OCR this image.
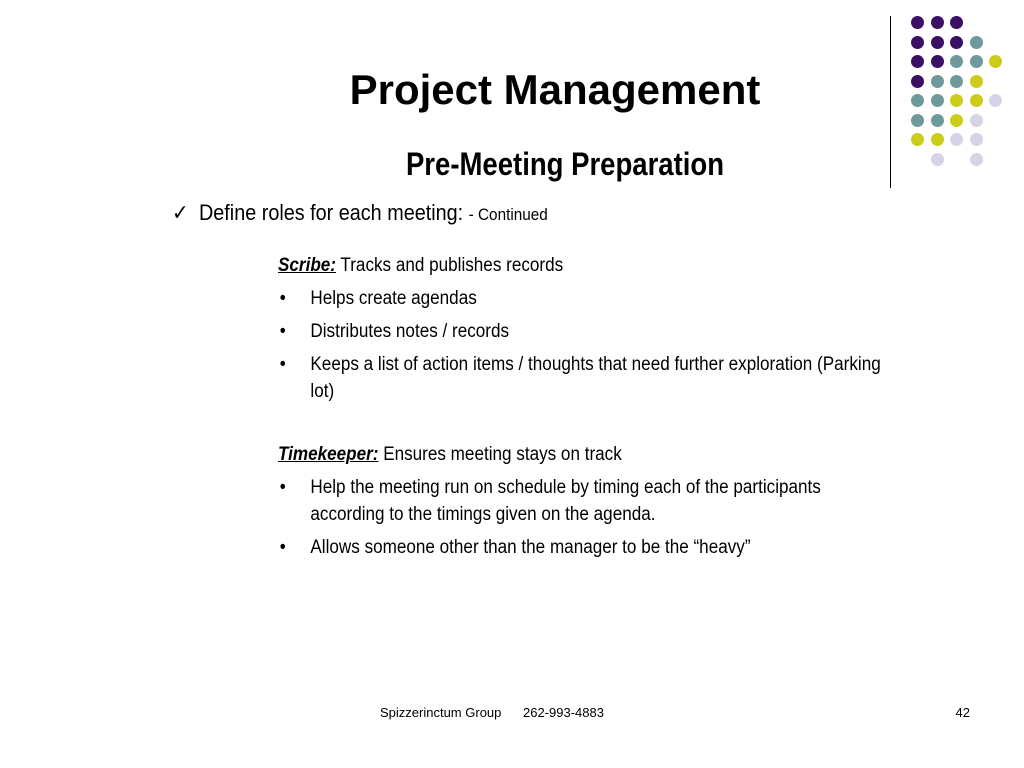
Project Management
Pre-Meeting Preparation
✓ Define roles for each meeting: - Continued
Scribe: Tracks and publishes records
• Helps create agendas
• Distributes notes / records
• Keeps a list of action items / thoughts that need further exploration (Parking lot)
Timekeeper: Ensures meeting stays on track
• Help the meeting run on schedule by timing each of the participants according to the timings given on the agenda.
• Allows someone other than the manager to be the “heavy”
Spizzerinctum Group 262-993-4883	42
